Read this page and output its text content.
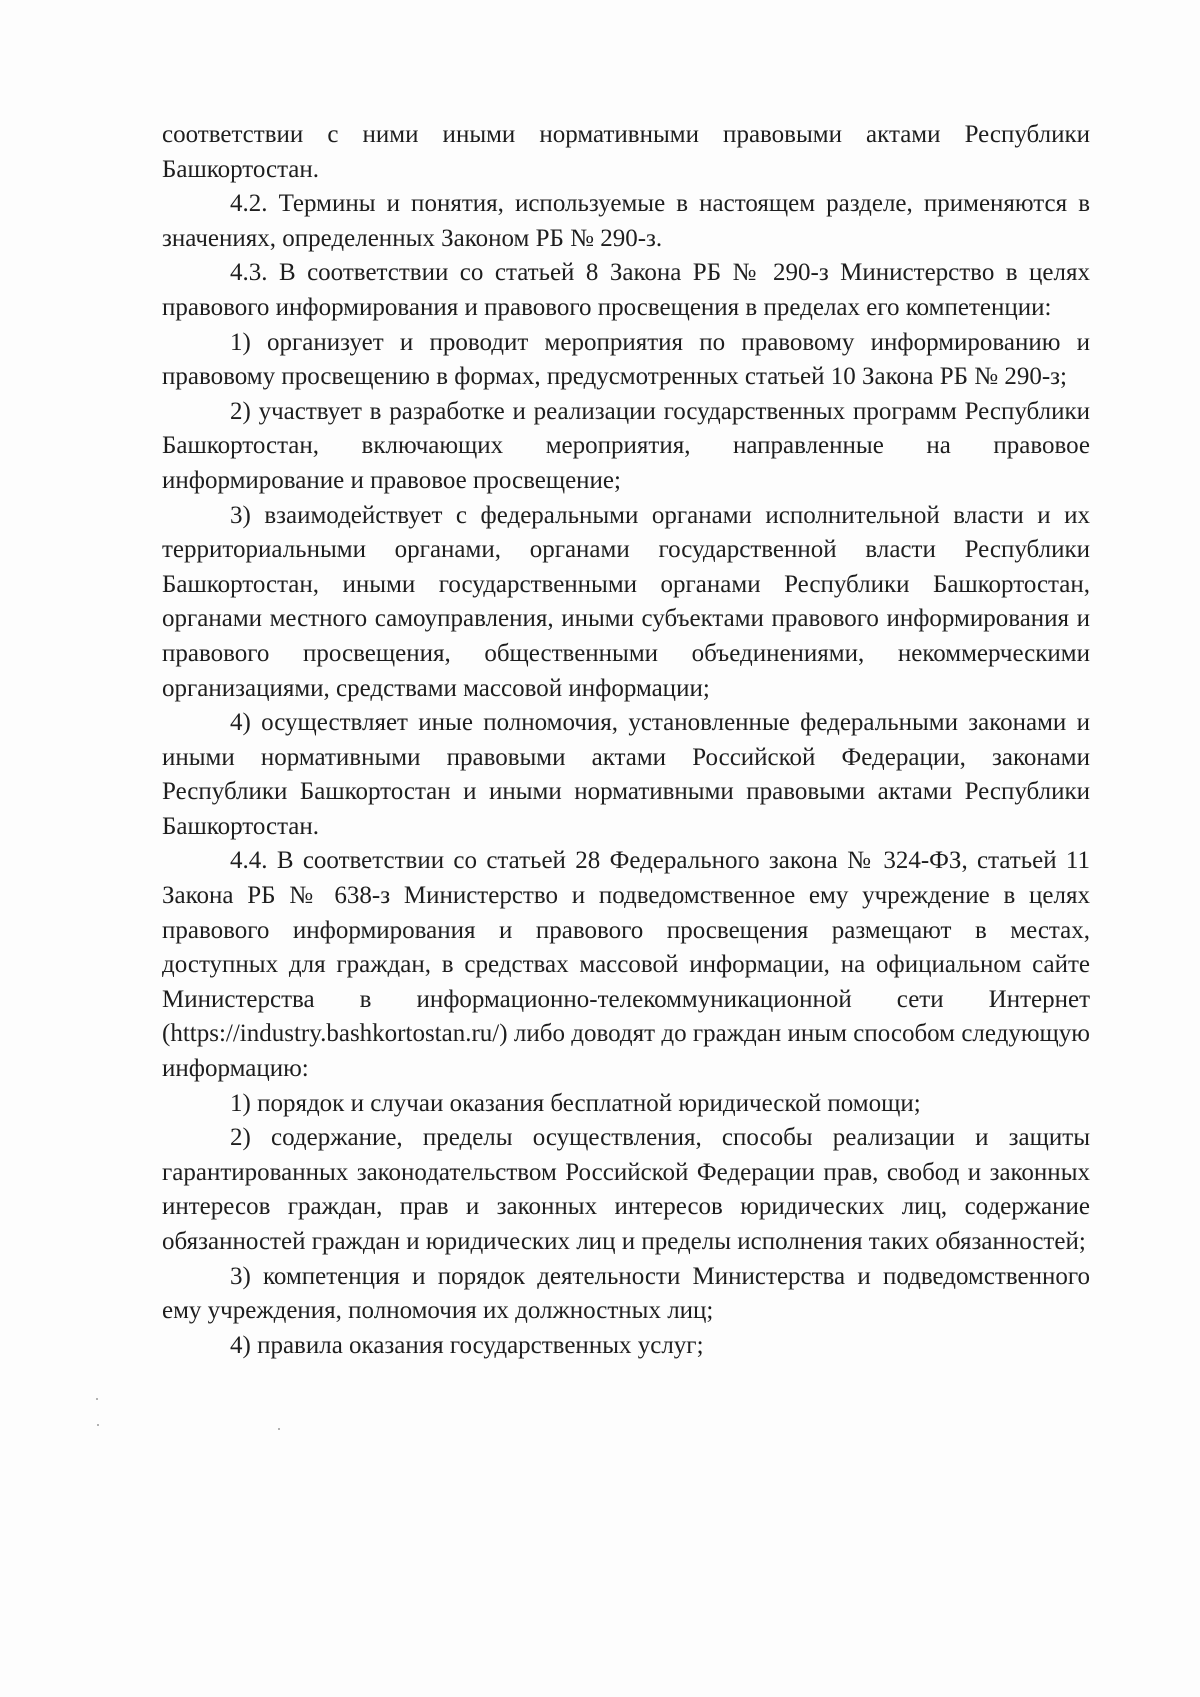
соответствии с ними иными нормативными правовыми актами Республики Башкортостан.

4.2. Термины и понятия, используемые в настоящем разделе, применяются в значениях, определенных Законом РБ № 290-з.

4.3. В соответствии со статьей 8 Закона РБ № 290-з Министерство в целях правового информирования и правового просвещения в пределах его компетенции:

1) организует и проводит мероприятия по правовому информированию и правовому просвещению в формах, предусмотренных статьей 10 Закона РБ № 290-з;

2) участвует в разработке и реализации государственных программ Республики Башкортостан, включающих мероприятия, направленные на правовое информирование и правовое просвещение;

3) взаимодействует с федеральными органами исполнительной власти и их территориальными органами, органами государственной власти Республики Башкортостан, иными государственными органами Республики Башкортостан, органами местного самоуправления, иными субъектами правового информирования и правового просвещения, общественными объединениями, некоммерческими организациями, средствами массовой информации;

4) осуществляет иные полномочия, установленные федеральными законами и иными нормативными правовыми актами Российской Федерации, законами Республики Башкортостан и иными нормативными правовыми актами Республики Башкортостан.

4.4. В соответствии со статьей 28 Федерального закона № 324-ФЗ, статьей 11 Закона РБ № 638-з Министерство и подведомственное ему учреждение в целях правового информирования и правового просвещения размещают в местах, доступных для граждан, в средствах массовой информации, на официальном сайте Министерства в информационно-телекоммуникационной сети Интернет (https://industry.bashkortostan.ru/) либо доводят до граждан иным способом следующую информацию:

1) порядок и случаи оказания бесплатной юридической помощи;

2) содержание, пределы осуществления, способы реализации и защиты гарантированных законодательством Российской Федерации прав, свобод и законных интересов граждан, прав и законных интересов юридических лиц, содержание обязанностей граждан и юридических лиц и пределы исполнения таких обязанностей;

3) компетенция и порядок деятельности Министерства и подведомственного ему учреждения, полномочия их должностных лиц;

4) правила оказания государственных услуг;
